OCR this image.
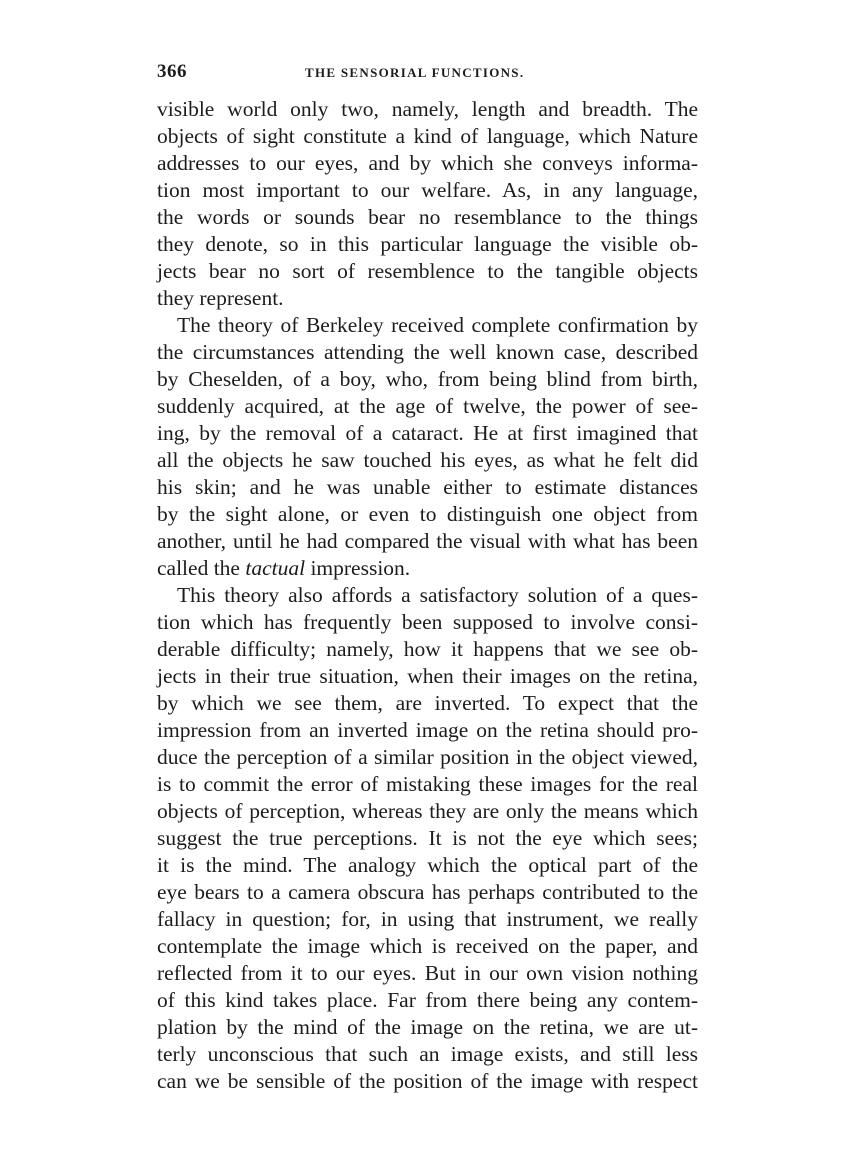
366	THE SENSORIAL FUNCTIONS.
visible world only two, namely, length and breadth. The
objects of sight constitute a kind of language, which Nature
addresses to our eyes, and by which she conveys informa-
tion most important to our welfare. As, in any language,
the words or sounds bear no resemblance to the things
they denote, so in this particular language the visible ob-
jects bear no sort of resemblence to the tangible objects
they represent.
The theory of Berkeley received complete confirmation by
the circumstances attending the well known case, described
by Cheselden, of a boy, who, from being blind from birth,
suddenly acquired, at the age of twelve, the power of see-
ing, by the removal of a cataract. He at first imagined that
all the objects he saw touched his eyes, as what he felt did
his skin; and he was unable either to estimate distances
by the sight alone, or even to distinguish one object from
another, until he had compared the visual with what has been
called the tactual impression.
This theory also affords a satisfactory solution of a ques-
tion which has frequently been supposed to involve consi-
derable difficulty; namely, how it happens that we see ob-
jects in their true situation, when their images on the retina,
by which we see them, are inverted. To expect that the
impression from an inverted image on the retina should pro-
duce the perception of a similar position in the object viewed,
is to commit the error of mistaking these images for the real
objects of perception, whereas they are only the means which
suggest the true perceptions. It is not the eye which sees;
it is the mind. The analogy which the optical part of the
eye bears to a camera obscura has perhaps contributed to the
fallacy in question; for, in using that instrument, we really
contemplate the image which is received on the paper, and
reflected from it to our eyes. But in our own vision nothing
of this kind takes place. Far from there being any contem-
plation by the mind of the image on the retina, we are ut-
terly unconscious that such an image exists, and still less
can we be sensible of the position of the image with respect
